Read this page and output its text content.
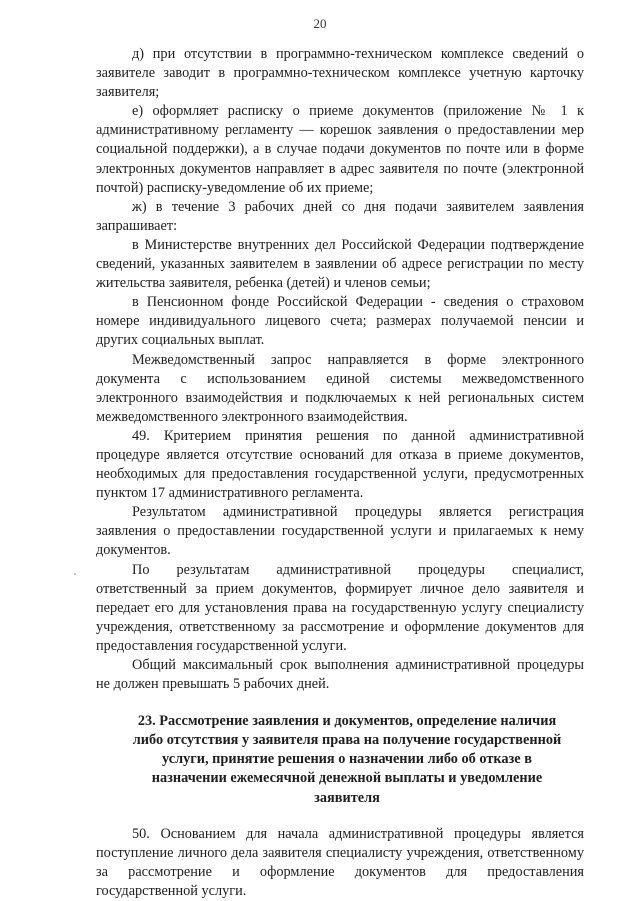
20

д) при отсутствии в программно-техническом комплексе сведений о заявителе заводит в программно-техническом комплексе учетную карточку заявителя;

е) оформляет расписку о приеме документов (приложение № 1 к административному регламенту — корешок заявления о предоставлении мер социальной поддержки), а в случае подачи документов по почте или в форме электронных документов направляет в адрес заявителя по почте (электронной почтой) расписку-уведомление об их приеме;

ж) в течение 3 рабочих дней со дня подачи заявителем заявления запрашивает:

в Министерстве внутренних дел Российской Федерации подтверждение сведений, указанных заявителем в заявлении об адресе регистрации по месту жительства заявителя, ребенка (детей) и членов семьи;

в Пенсионном фонде Российской Федерации - сведения о страховом номере индивидуального лицевого счета; размерах получаемой пенсии и других социальных выплат.

Межведомственный запрос направляется в форме электронного документа с использованием единой системы межведомственного электронного взаимодействия и подключаемых к ней региональных систем межведомственного электронного взаимодействия.

49. Критерием принятия решения по данной административной процедуре является отсутствие оснований для отказа в приеме документов, необходимых для предоставления государственной услуги, предусмотренных пунктом 17 административного регламента.

Результатом административной процедуры является регистрация заявления о предоставлении государственной услуги и прилагаемых к нему документов.

По результатам административной процедуры специалист, ответственный за прием документов, формирует личное дело заявителя и передает его для установления права на государственную услугу специалисту учреждения, ответственному за рассмотрение и оформление документов для предоставления государственной услуги.

Общий максимальный срок выполнения административной процедуры не должен превышать 5 рабочих дней.

23. Рассмотрение заявления и документов, определение наличия либо отсутствия у заявителя права на получение государственной услуги, принятие решения о назначении либо об отказе в назначении ежемесячной денежной выплаты и уведомление заявителя

50. Основанием для начала административной процедуры является поступление личного дела заявителя специалисту учреждения, ответственному за рассмотрение и оформление документов для предоставления государственной услуги.
